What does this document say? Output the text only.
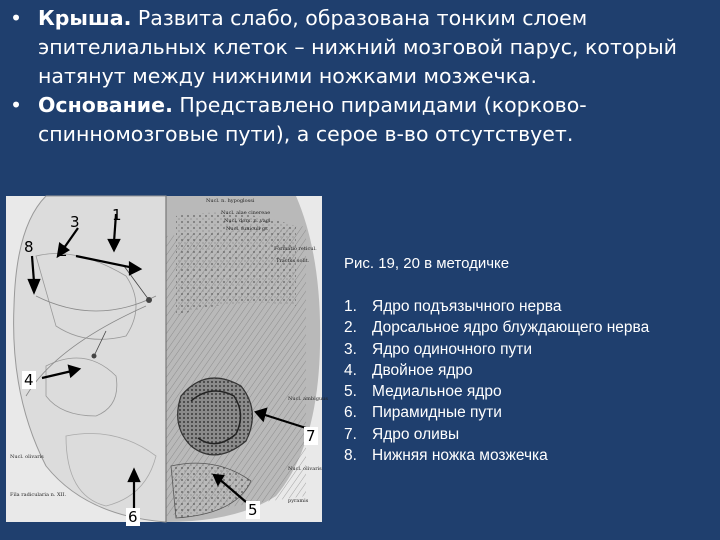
• Крыша. Развита слабо, образована тонким слоем эпителиальных клеток – нижний мозговой парус, который натянут между нижними ножками мозжечка.
• Основание. Представлено пирамидами (корково-спинномозговые пути), а серое в-во отсутствует.
Nucl. n. hypoglossi
Nucl. alae cinereae
Nucl. dors. n. vagi
Nucl. funiculi gr.
Formatio reticul.
Tractus solit.
Nucl. ambiguus
Nucl. olivaris
Fila radicularia n. XII.
Nucl. olivaris
pyramis
1
3
8 2
4
7
6	5
Рис. 19, 20 в методичке
1. Ядро подъязычного нерва
2. Дорсальное ядро блуждающего нерва
3. Ядро одиночного пути
4. Двойное ядро
5. Медиальное ядро
6. Пирамидные пути
7. Ядро оливы
8. Нижняя ножка мозжечка
